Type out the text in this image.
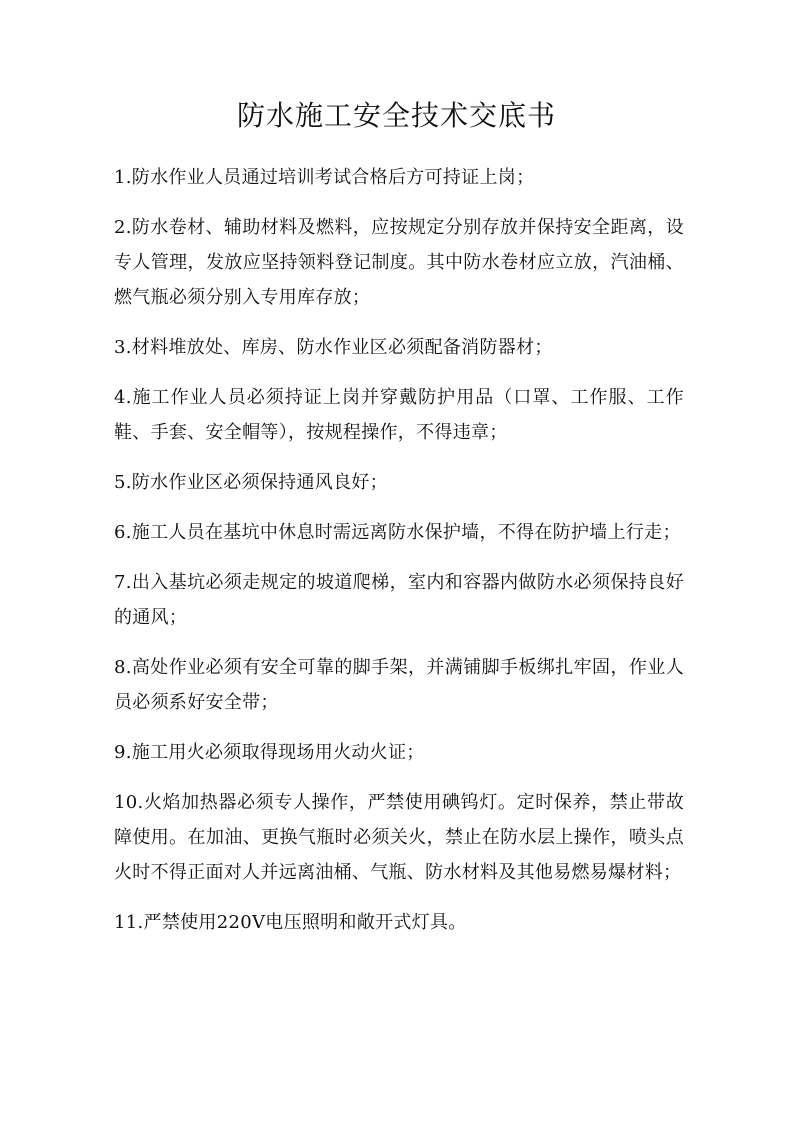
防水施工安全技术交底书

1.防水作业人员通过培训考试合格后方可持证上岗；

2.防水卷材、辅助材料及燃料，应按规定分别存放并保持安全距离，设专人管理，发放应坚持领料登记制度。其中防水卷材应立放，汽油桶、燃气瓶必须分别入专用库存放；

3.材料堆放处、库房、防水作业区必须配备消防器材；

4.施工作业人员必须持证上岗并穿戴防护用品（口罩、工作服、工作鞋、手套、安全帽等），按规程操作，不得违章；

5.防水作业区必须保持通风良好；

6.施工人员在基坑中休息时需远离防水保护墙，不得在防护墙上行走；

7.出入基坑必须走规定的坡道爬梯，室内和容器内做防水必须保持良好的通风；

8.高处作业必须有安全可靠的脚手架，并满铺脚手板绑扎牢固，作业人员必须系好安全带；

9.施工用火必须取得现场用火动火证；

10.火焰加热器必须专人操作，严禁使用碘钨灯。定时保养，禁止带故障使用。在加油、更换气瓶时必须关火，禁止在防水层上操作，喷头点火时不得正面对人并远离油桶、气瓶、防水材料及其他易燃易爆材料；

11.严禁使用220V电压照明和敞开式灯具。
